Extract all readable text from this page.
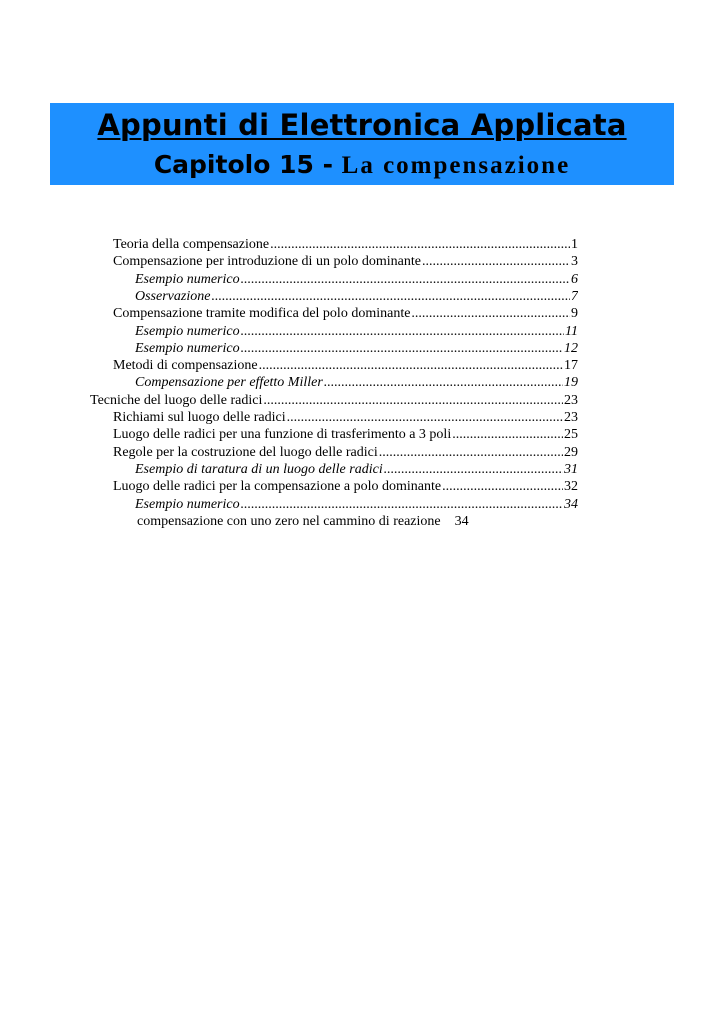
Appunti di Elettronica Applicata
Capitolo 15 - La compensazione
Teoria della compensazione .....	1
Compensazione per introduzione di un polo dominante .....	3
Esempio numerico .....	6
Osservazione .....	7
Compensazione tramite modifica del polo dominante .....	9
Esempio numerico .....	11
Esempio numerico .....	12
Metodi di compensazione .....	17
Compensazione per effetto Miller .....	19
Tecniche del luogo delle radici .....	23
Richiami sul luogo delle radici .....	23
Luogo delle radici per una funzione di trasferimento a 3 poli .....	25
Regole per la costruzione del luogo delle radici .....	29
Esempio di taratura di un luogo delle radici .....	31
Luogo delle radici per la compensazione a polo dominante .....	32
Esempio numerico .....	34
compensazione con uno zero nel cammino di reazione 34
